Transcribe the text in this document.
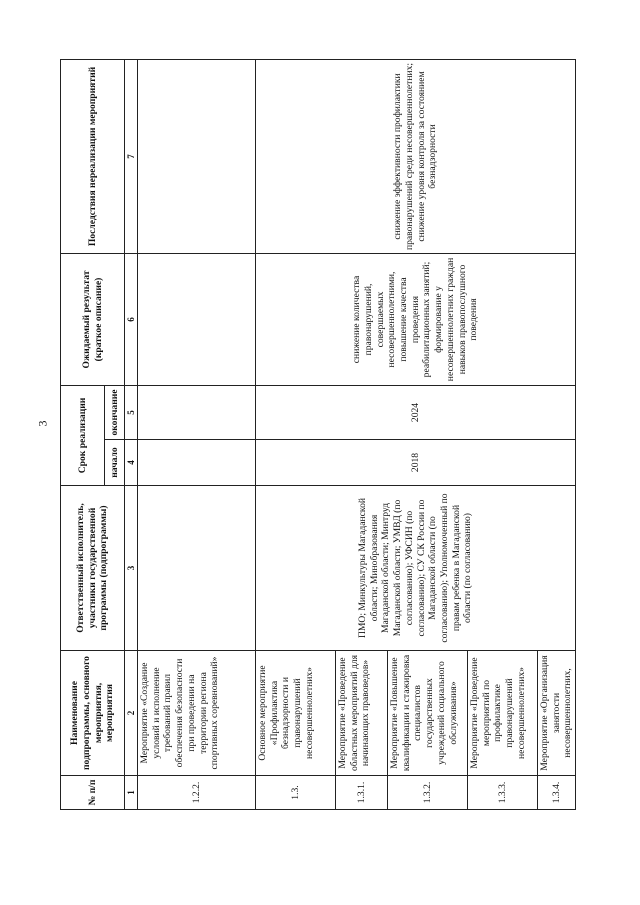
3
№ п/п	Наименование подпрограммы, основного мероприятия, мероприятия	Ответственный исполнитель, участники государственной программы (подпрограммы)	Срок реализации		Ожидаемый результат (краткое описание)	Последствия нереализации мероприятий
			начало	окончание		
1	2	3	4	5	6	7
1.2.2.	Мероприятие «Создание условий и исполнение требований правил обеспечения безопасности при проведении на территории региона спортивных соревнований»					
1.3.	Основное мероприятие «Профилактика безнадзорности и правонарушений несовершеннолетних»	ПМО; Минкультуры Магаданской области; Минобразования Магаданской области; Минтруд Магаданской области; УМВД (по согласованию); УФСИН (по согласованию); СУ СК России по Магаданской области (по согласованию); Уполномоченный по правам ребенка в Магаданской области (по согласованию)	2018	2024	снижение количества правонарушений, совершаемых несовершеннолетними, повышение качества проведения реабилитационных занятий; формирование у несовершеннолетних граждан навыков правопослушного поведения	снижение эффективности профилактики правонарушений среди несовершеннолетних; снижение уровня контроля за состоянием безнадзорности
1.3.1.	Мероприятие «Проведение областных мероприятий для начинающих правоведов»					
1.3.2.	Мероприятие «Повышение квалификации и стажировка специалистов государственных учреждений социального обслуживания»					
1.3.3.	Мероприятие «Проведение мероприятий по профилактике правонарушений несовершеннолетних»					
1.3.4.	Мероприятие «Организация занятости несовершеннолетних,					
